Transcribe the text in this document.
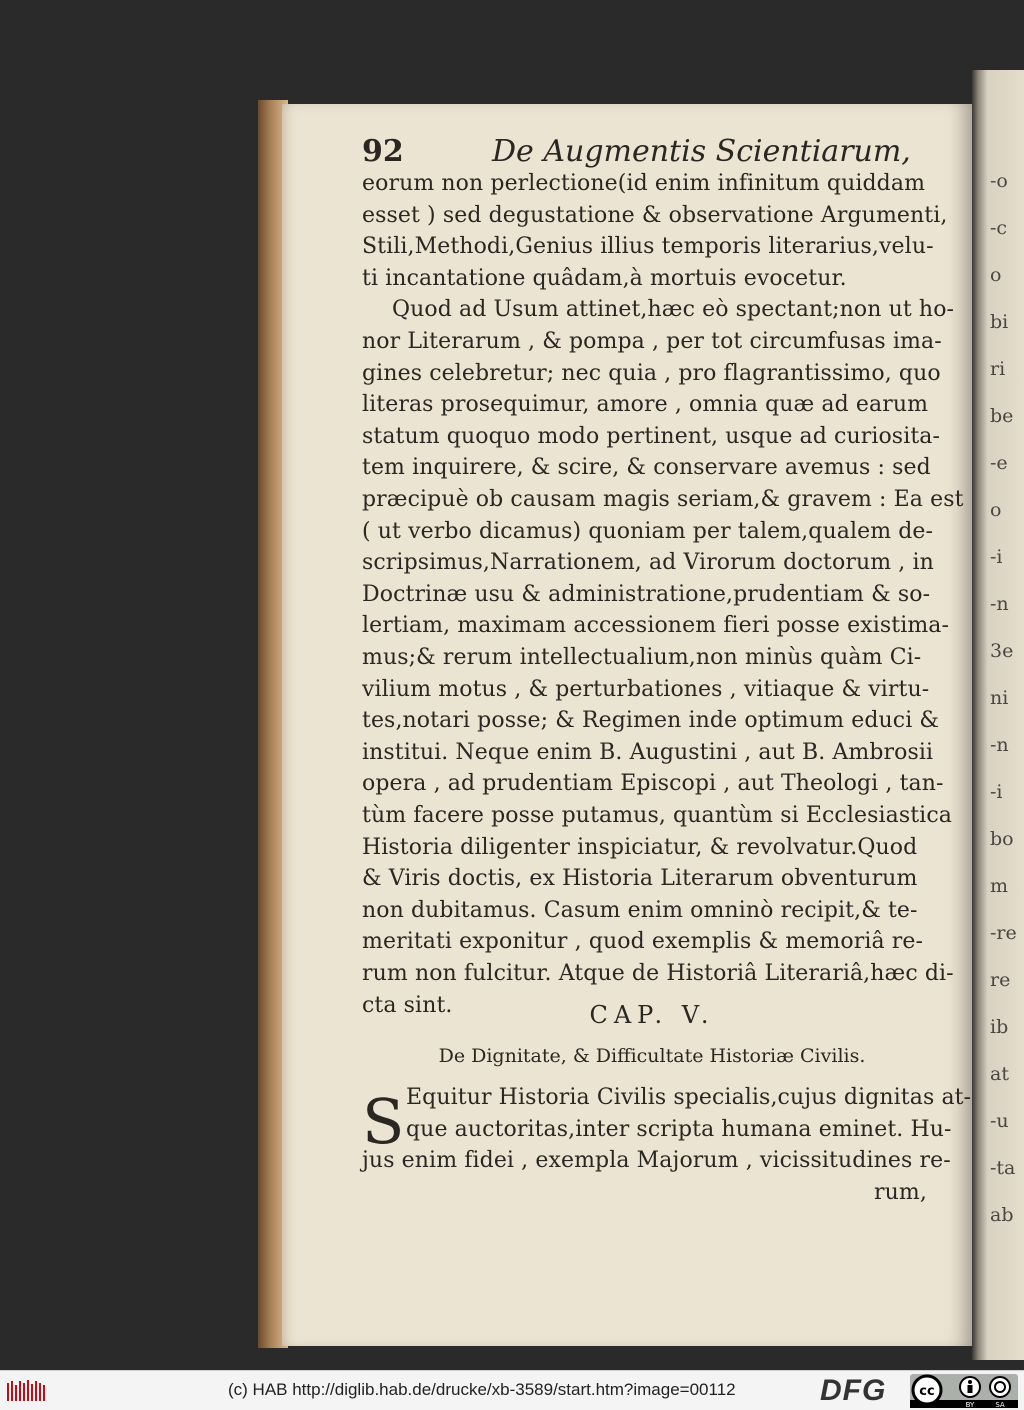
-o
-c
o
bi
ri
be
-e
o
-i
-n
3e
ni
-n
-i
bo
m
-re
re
ib
at
-u
-ta
ab
92	De Augmentis Scientiarum,
eorum non perlectione(id enim infinitum quiddam
esset ) sed degustatione & observatione Argumenti,
Stili,Methodi,Genius illius temporis literarius,velu-
ti incantatione quâdam,à mortuis evocetur.
Quod ad Usum attinet,hæc eò spectant;non ut ho-
nor Literarum , & pompa , per tot circumfusas ima-
gines celebretur; nec quia , pro flagrantissimo, quo
literas prosequimur, amore , omnia quæ ad earum
statum quoquo modo pertinent, usque ad curiosita-
tem inquirere, & scire, & conservare avemus : sed
præcipuè ob causam magis seriam,& gravem : Ea est
( ut verbo dicamus) quoniam per talem,qualem de-
scripsimus,Narrationem, ad Virorum doctorum , in
Doctrinæ usu & administratione,prudentiam & so-
lertiam, maximam accessionem fieri posse existima-
mus;& rerum intellectualium,non minùs quàm Ci-
vilium motus , & perturbationes , vitiaque & virtu-
tes,notari posse; & Regimen inde optimum educi &
institui. Neque enim B. Augustini , aut B. Ambrosii
opera , ad prudentiam Episcopi , aut Theologi , tan-
tùm facere posse putamus, quantùm si Ecclesiastica
Historia diligenter inspiciatur, & revolvatur.Quod
& Viris doctis, ex Historia Literarum obventurum
non dubitamus. Casum enim omninò recipit,& te-
meritati exponitur , quod exemplis & memoriâ re-
rum non fulcitur. Atque de Historiâ Literariâ,hæc di-
cta sint.	CAP. V.
De Dignitate, & Difficultate Historiæ Civilis.
S Equitur Historia Civilis specialis,cujus dignitas at-
que auctoritas,inter scripta humana eminet. Hu-
jus enim fidei , exempla Majorum , vicissitudines re-
rum,
(c) HAB http://diglib.hab.de/drucke/xb-3589/start.htm?image=00112	DFG	cc
BY	SA
